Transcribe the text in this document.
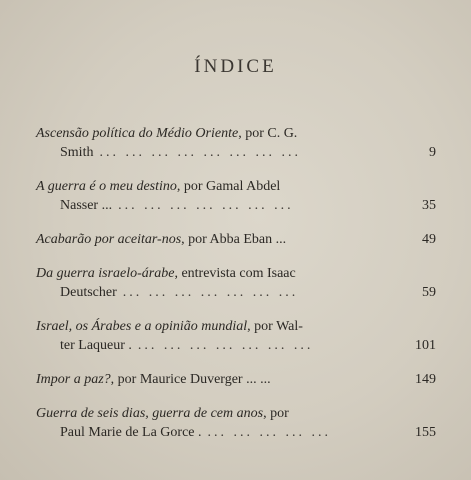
ÍNDICE
Ascensão política do Médio Oriente , por C. G.
Smith ... ... ... ... ... ... ... ...	9
A guerra é o meu destino , por Gamal Abdel
Nasser ... ... ... ... ... ... ... ...	35
Acabarão por aceitar-nos , por Abba Eban ...	49
Da guerra israelo-árabe , entrevista com Isaac
Deutscher ... ... ... ... ... ... ...	59
Israel, os Árabes e a opinião mundial , por Wal-
ter Laqueur . ... ... ... ... ... ... ...	101
Impor a paz? , por Maurice Duverger ... ...	149
Guerra de seis dias, guerra de cem anos , por
Paul Marie de La Gorce . ... ... ... ... ...	155
